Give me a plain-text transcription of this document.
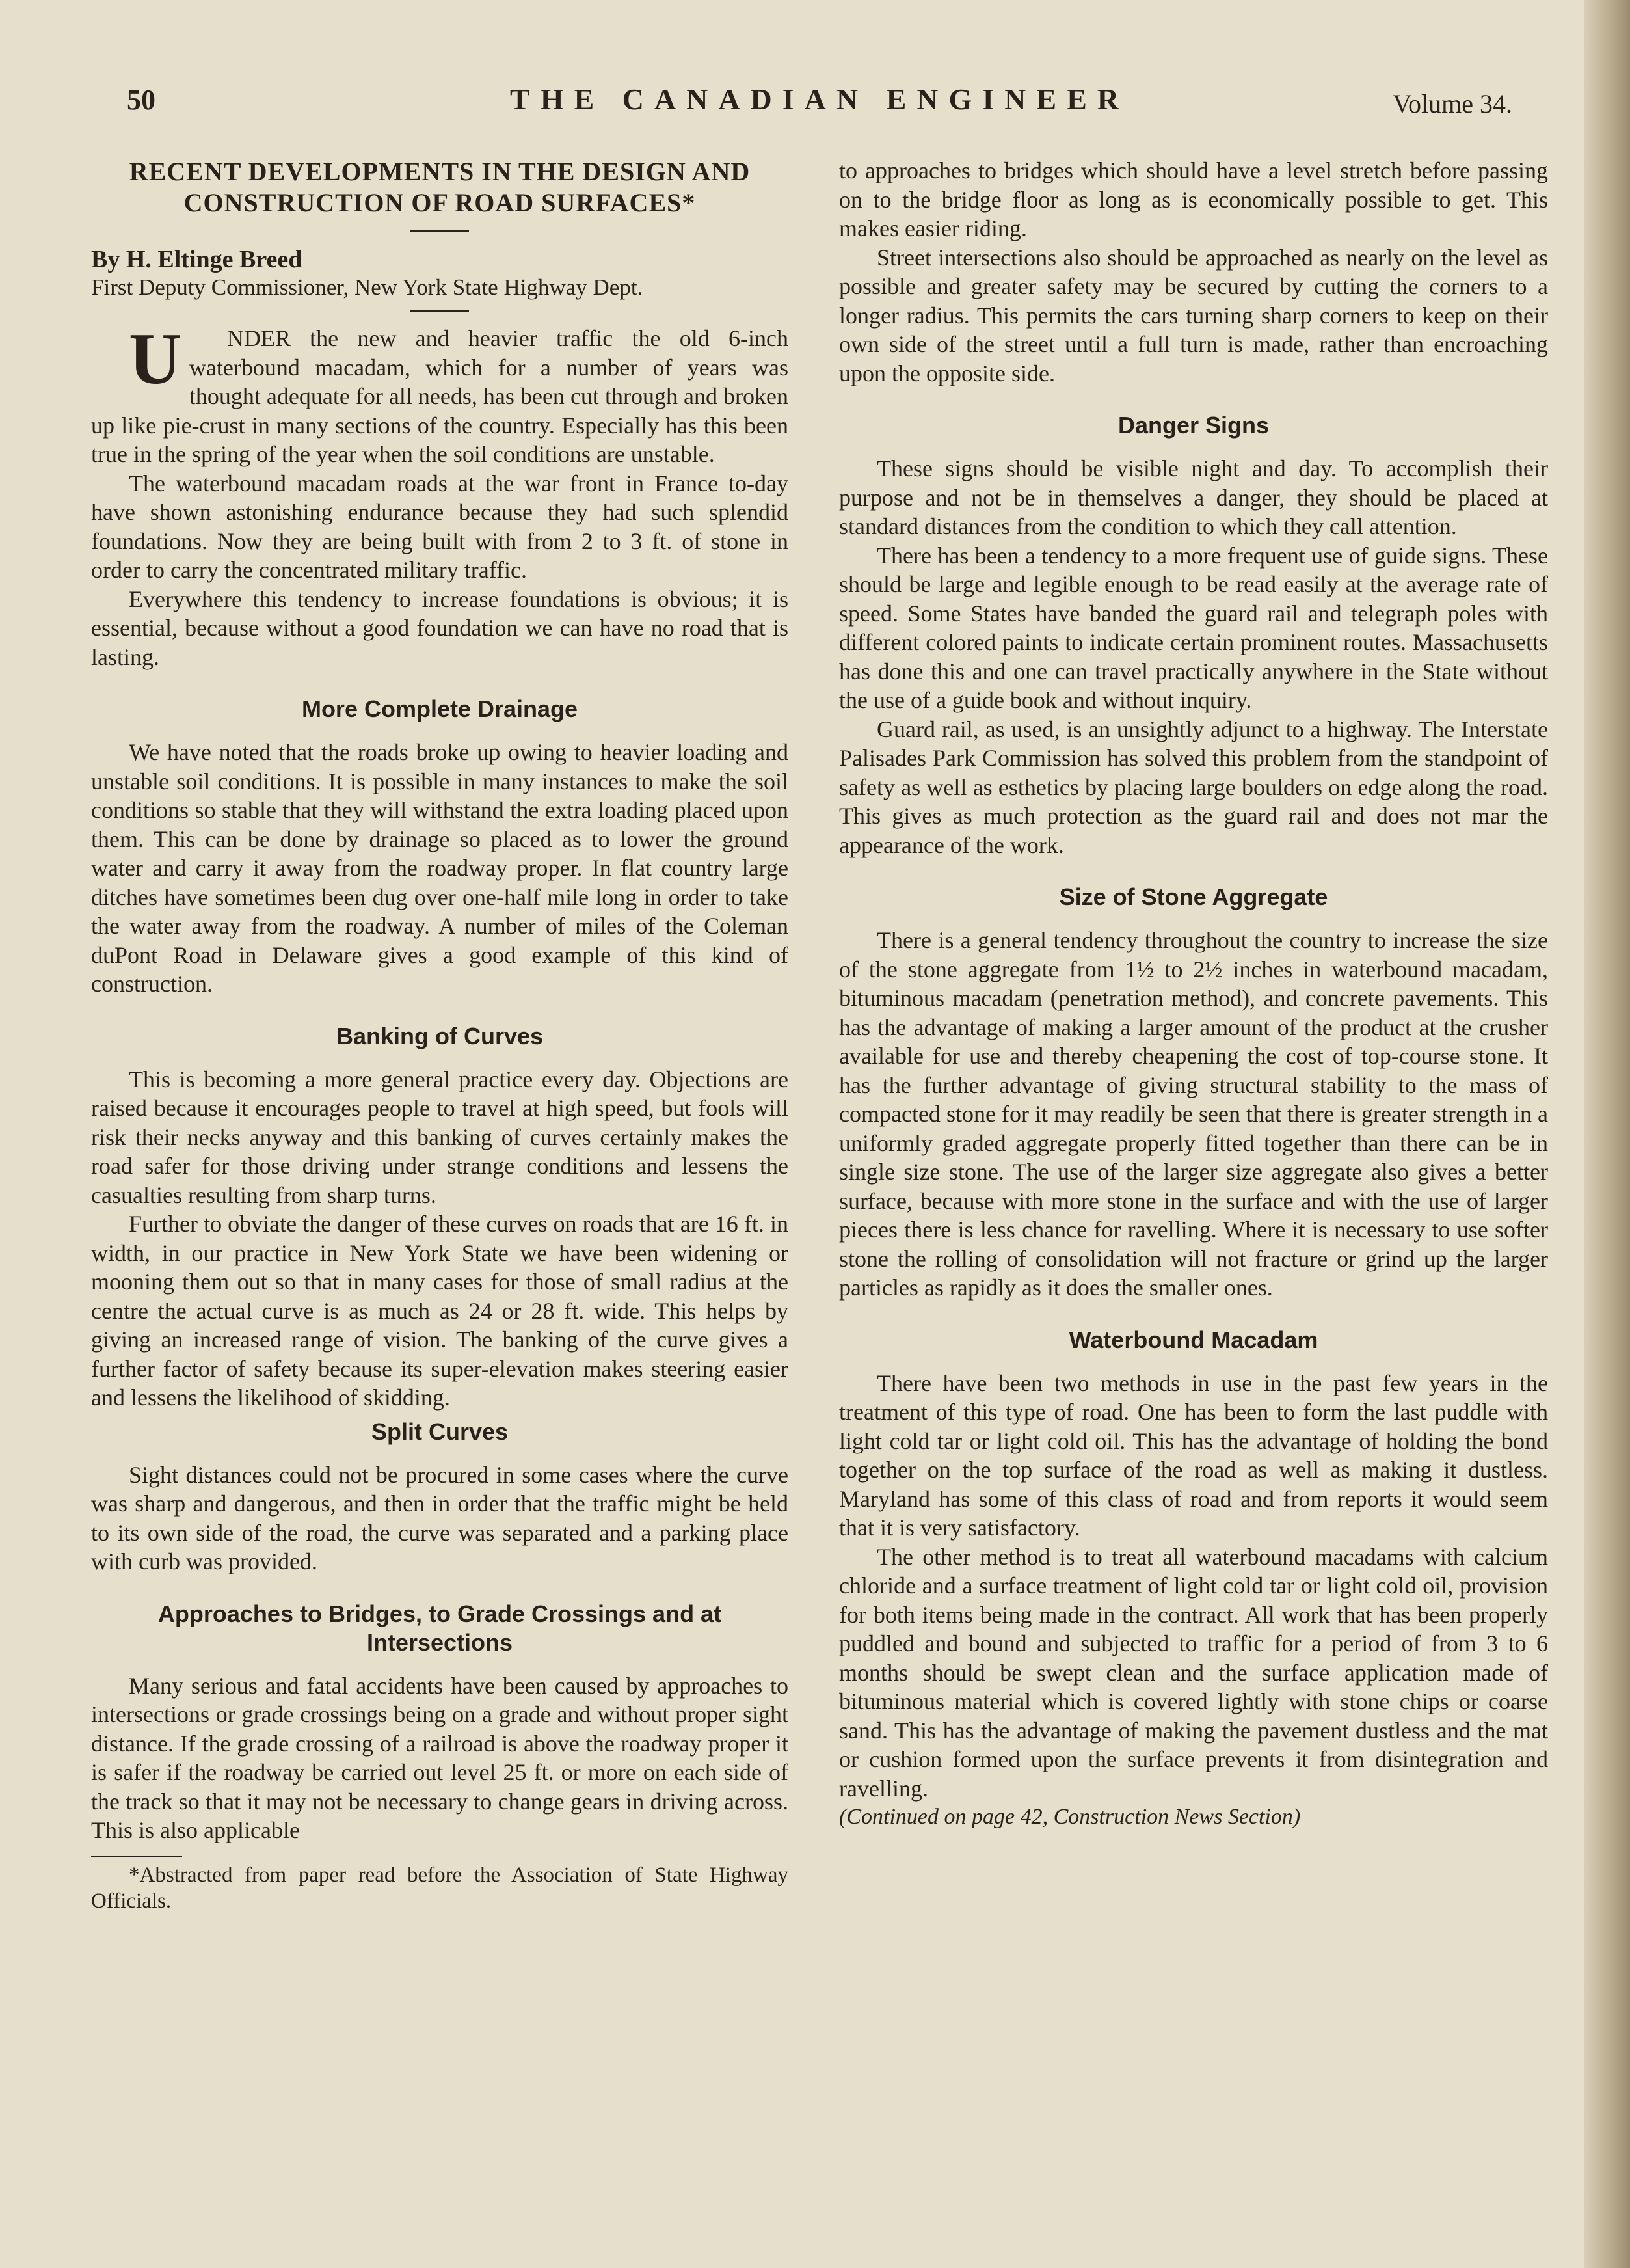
50	THE CANADIAN ENGINEER	Volume 34.
RECENT DEVELOPMENTS IN THE DESIGN AND
CONSTRUCTION OF ROAD SURFACES*

By H. Eltinge Breed

First Deputy Commissioner, New York State Highway Dept.

U NDER the new and heavier traffic the old 6-inch waterbound macadam, which for a number of years was thought adequate for all needs, has been cut through and broken up like pie-crust in many sections of the country. Especially has this been true in the spring of the year when the soil conditions are unstable.

The waterbound macadam roads at the war front in France to-day have shown astonishing endurance because they had such splendid foundations. Now they are being built with from 2 to 3 ft. of stone in order to carry the concentrated military traffic.

Everywhere this tendency to increase foundations is obvious; it is essential, because without a good foundation we can have no road that is lasting.

More Complete Drainage

We have noted that the roads broke up owing to heavier loading and unstable soil conditions. It is possible in many instances to make the soil conditions so stable that they will withstand the extra loading placed upon them. This can be done by drainage so placed as to lower the ground water and carry it away from the roadway proper. In flat country large ditches have sometimes been dug over one-half mile long in order to take the water away from the roadway. A number of miles of the Coleman duPont Road in Delaware gives a good example of this kind of construction.

Banking of Curves

This is becoming a more general practice every day. Objections are raised because it encourages people to travel at high speed, but fools will risk their necks anyway and this banking of curves certainly makes the road safer for those driving under strange conditions and lessens the casualties resulting from sharp turns.

Further to obviate the danger of these curves on roads that are 16 ft. in width, in our practice in New York State we have been widening or mooning them out so that in many cases for those of small radius at the centre the actual curve is as much as 24 or 28 ft. wide. This helps by giving an increased range of vision. The banking of the curve gives a further factor of safety because its super-elevation makes steering easier and lessens the likelihood of skidding.

Split Curves

Sight distances could not be procured in some cases where the curve was sharp and dangerous, and then in order that the traffic might be held to its own side of the road, the curve was separated and a parking place with curb was provided.

Approaches to Bridges, to Grade Crossings and at
Intersections

Many serious and fatal accidents have been caused by approaches to intersections or grade crossings being on a grade and without proper sight distance. If the grade crossing of a railroad is above the roadway proper it is safer if the roadway be carried out level 25 ft. or more on each side of the track so that it may not be necessary to change gears in driving across. This is also applicable

*Abstracted from paper read before the Association of State Highway Officials.

to approaches to bridges which should have a level stretch before passing on to the bridge floor as long as is economically possible to get. This makes easier riding.

Street intersections also should be approached as nearly on the level as possible and greater safety may be secured by cutting the corners to a longer radius. This permits the cars turning sharp corners to keep on their own side of the street until a full turn is made, rather than encroaching upon the opposite side.

Danger Signs

These signs should be visible night and day. To accomplish their purpose and not be in themselves a danger, they should be placed at standard distances from the condition to which they call attention.

There has been a tendency to a more frequent use of guide signs. These should be large and legible enough to be read easily at the average rate of speed. Some States have banded the guard rail and telegraph poles with different colored paints to indicate certain prominent routes. Massachusetts has done this and one can travel practically anywhere in the State without the use of a guide book and without inquiry.

Guard rail, as used, is an unsightly adjunct to a highway. The Interstate Palisades Park Commission has solved this problem from the standpoint of safety as well as esthetics by placing large boulders on edge along the road. This gives as much protection as the guard rail and does not mar the appearance of the work.

Size of Stone Aggregate

There is a general tendency throughout the country to increase the size of the stone aggregate from 1½ to 2½ inches in waterbound macadam, bituminous macadam (penetration method), and concrete pavements. This has the advantage of making a larger amount of the product at the crusher available for use and thereby cheapening the cost of top-course stone. It has the further advantage of giving structural stability to the mass of compacted stone for it may readily be seen that there is greater strength in a uniformly graded aggregate properly fitted together than there can be in single size stone. The use of the larger size aggregate also gives a better surface, because with more stone in the surface and with the use of larger pieces there is less chance for ravelling. Where it is necessary to use softer stone the rolling of consolidation will not fracture or grind up the larger particles as rapidly as it does the smaller ones.

Waterbound Macadam

There have been two methods in use in the past few years in the treatment of this type of road. One has been to form the last puddle with light cold tar or light cold oil. This has the advantage of holding the bond together on the top surface of the road as well as making it dustless. Maryland has some of this class of road and from reports it would seem that it is very satisfactory.

The other method is to treat all waterbound macadams with calcium chloride and a surface treatment of light cold tar or light cold oil, provision for both items being made in the contract. All work that has been properly puddled and bound and subjected to traffic for a period of from 3 to 6 months should be swept clean and the surface application made of bituminous material which is covered lightly with stone chips or coarse sand. This has the advantage of making the pavement dustless and the mat or cushion formed upon the surface prevents it from disintegration and ravelling.

(Continued on page 42, Construction News Section)
